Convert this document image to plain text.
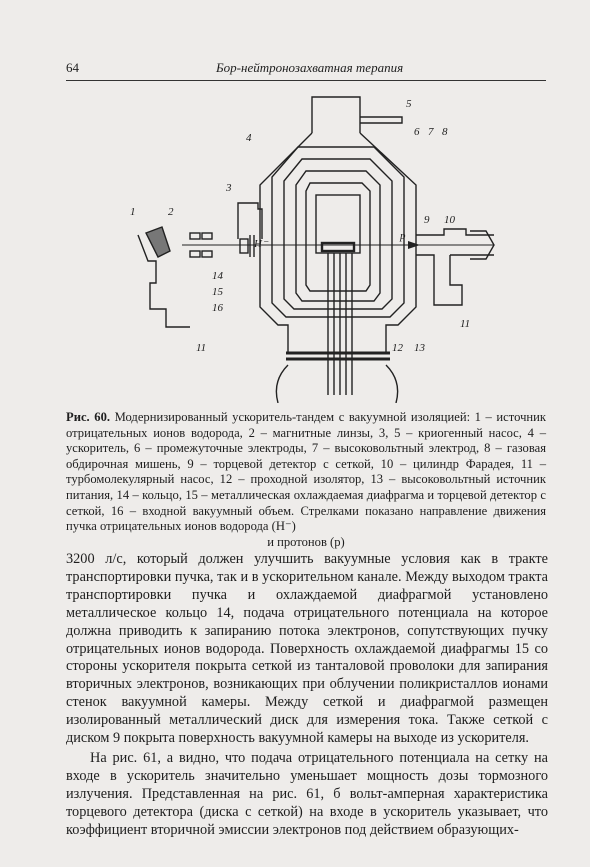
64	Бор-нейтронозахватная терапия
1	2
3
4
5
6 7 8
9 10
11
11
12 13
14
15
16
H⁻
p
Рис. 60. Модернизированный ускоритель-тандем с вакуумной изоляцией: 1 – источник отрицательных ионов водорода, 2 – магнитные линзы, 3, 5 – криогенный насос, 4 – ускоритель, 6 – промежуточные электроды, 7 – высоковольтный электрод, 8 – газовая обдирочная мишень, 9 – торцевой детектор с сеткой, 10 – цилиндр Фарадея, 11 – турбомолекулярный насос, 12 – проходной изолятор, 13 – высоковольтный источник питания, 14 – кольцо, 15 – металлическая охлаждаемая диафрагма и торцевой детектор с сеткой, 16 – входной вакуумный объем. Стрелками показано направление движения пучка отрицательных ионов водорода (H⁻)
и протонов (p)

3200 л/с, который должен улучшить вакуумные условия как в тракте транспортировки пучка, так и в ускорительном канале. Между выходом тракта транспортировки пучка и охлаждаемой диафрагмой установлено металлическое кольцо 14, подача отрицательного потенциала на которое должна приводить к запиранию потока электронов, сопутствующих пучку отрицательных ионов водорода. Поверхность охлаждаемой диафрагмы 15 со стороны ускорителя покрыта сеткой из танталовой проволоки для запирания вторичных электронов, возникающих при облучении поликристаллов ионами стенок вакуумной камеры. Между сеткой и диафрагмой размещен изолированный металлический диск для измерения тока. Также сеткой с диском 9 покрыта поверхность вакуумной камеры на выходе из ускорителя.

На рис. 61, а видно, что подача отрицательного потенциала на сетку на входе в ускоритель значительно уменьшает мощность дозы тормозного излучения. Представленная на рис. 61, б вольт-амперная характеристика торцевого детектора (диска с сеткой) на входе в ускоритель указывает, что коэффициент вторичной эмиссии электронов под действием образующих-
